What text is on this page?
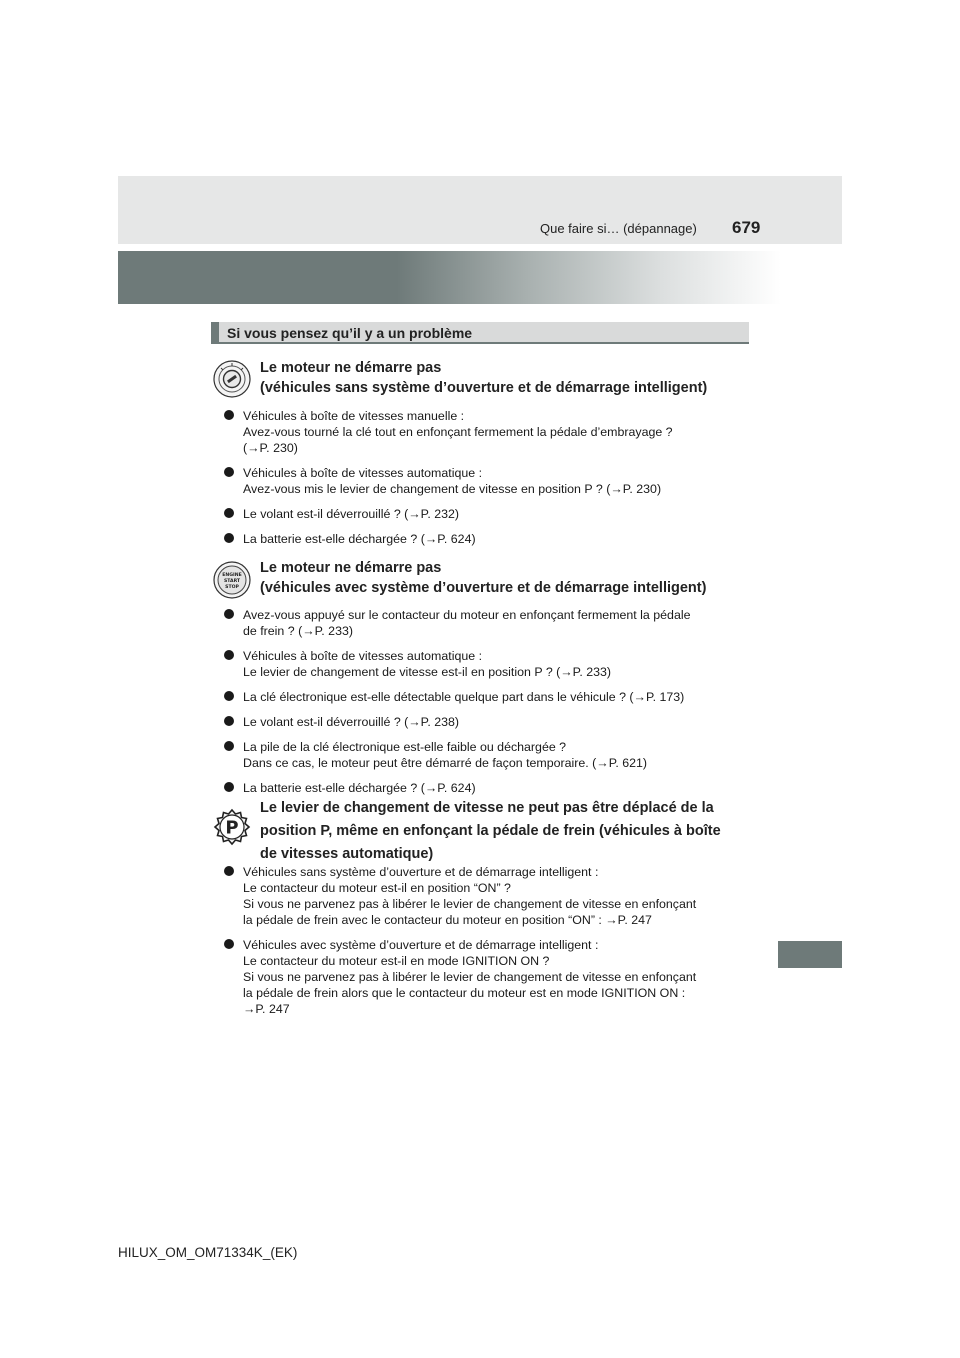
679
Que faire si… (dépannage)
Si vous pensez qu’il y a un problème
Le moteur ne démarre pas
(véhicules sans système d’ouverture et de démarrage intelligent)
Véhicules à boîte de vitesses manuelle :
Avez-vous tourné la clé tout en enfonçant fermement la pédale d’embrayage ?
(→P. 230)
Véhicules à boîte de vitesses automatique :
Avez-vous mis le levier de changement de vitesse en position P ? (→P. 230)
Le volant est-il déverrouillé ? (→P. 232)
La batterie est-elle déchargée ? (→P. 624)
ENGINE
START
STOP
Le moteur ne démarre pas
(véhicules avec système d’ouverture et de démarrage intelligent)
Avez-vous appuyé sur le contacteur du moteur en enfonçant fermement la pédale
de frein ? (→P. 233)
Véhicules à boîte de vitesses automatique :
Le levier de changement de vitesse est-il en position P ? (→P. 233)
La clé électronique est-elle détectable quelque part dans le véhicule ? (→P. 173)
Le volant est-il déverrouillé ? (→P. 238)
La pile de la clé électronique est-elle faible ou déchargée ?
Dans ce cas, le moteur peut être démarré de façon temporaire. (→P. 621)
La batterie est-elle déchargée ? (→P. 624)
P
Le levier de changement de vitesse ne peut pas être déplacé de la
position P, même en enfonçant la pédale de frein (véhicules à boîte
de vitesses automatique)
Véhicules sans système d’ouverture et de démarrage intelligent :
Le contacteur du moteur est-il en position “ON” ?
Si vous ne parvenez pas à libérer le levier de changement de vitesse en enfonçant
la pédale de frein avec le contacteur du moteur en position “ON” : →P. 247
Véhicules avec système d’ouverture et de démarrage intelligent :
Le contacteur du moteur est-il en mode IGNITION ON ?
Si vous ne parvenez pas à libérer le levier de changement de vitesse en enfonçant
la pédale de frein alors que le contacteur du moteur est en mode IGNITION ON :
→P. 247
HILUX_OM_OM71334K_(EK)
